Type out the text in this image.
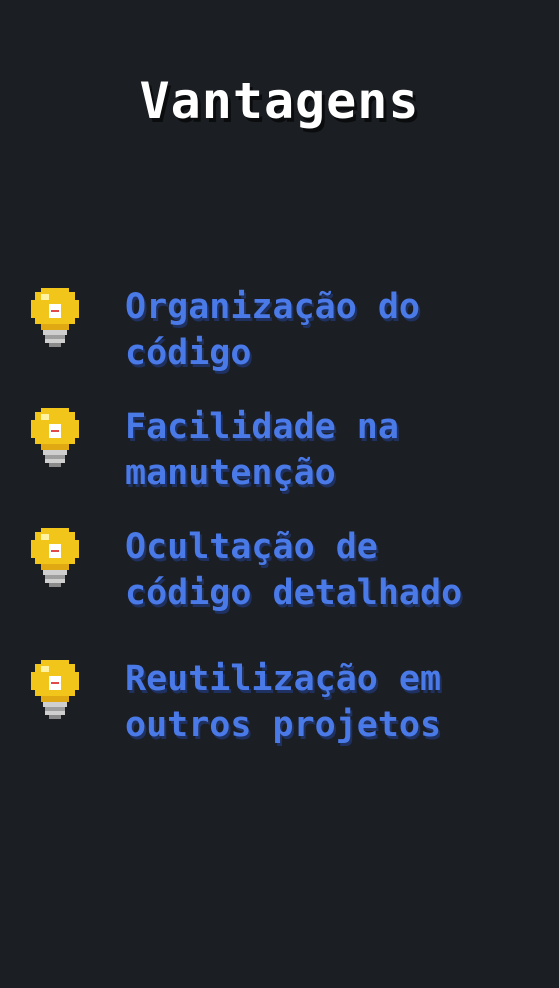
Vantagens
Organização do
código
Facilidade na
manutenção
Ocultação de
código detalhado
Reutilização em
outros projetos
